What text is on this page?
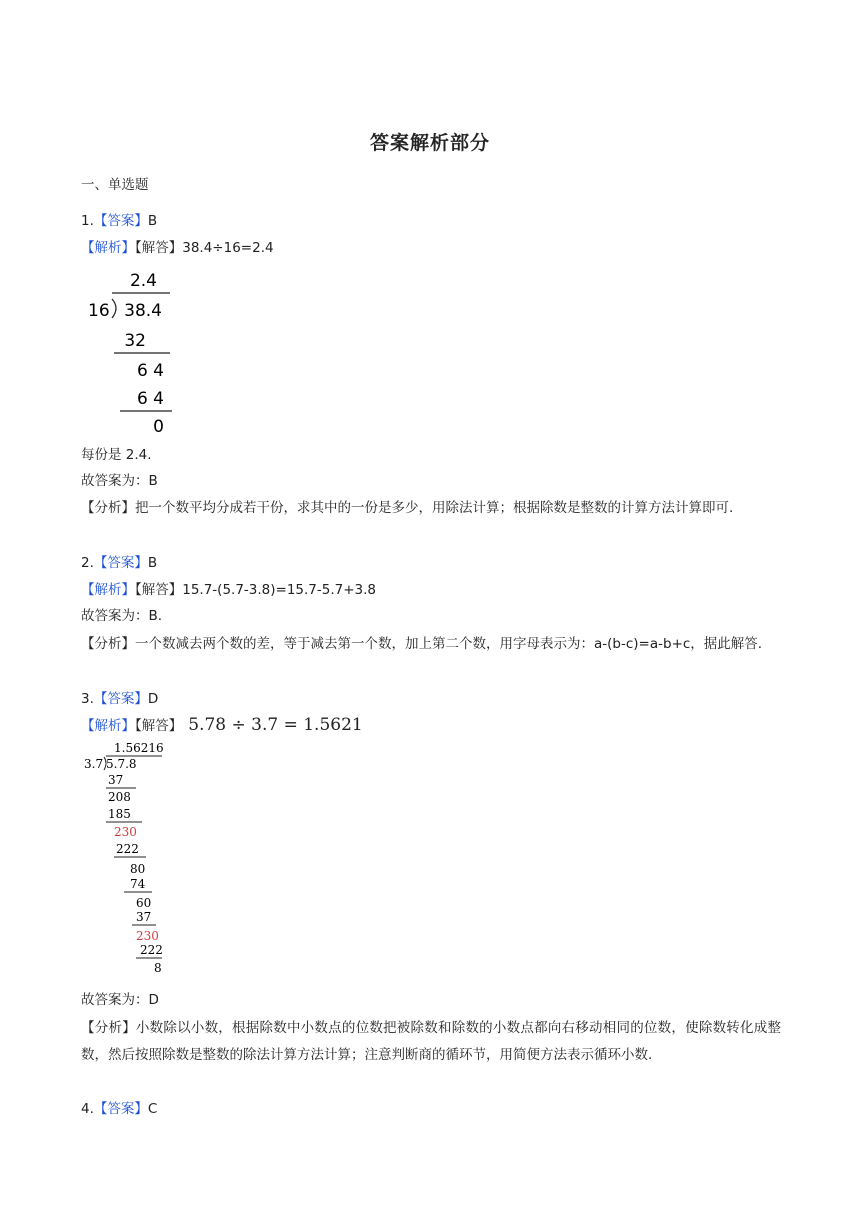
答案解析部分
一、单选题
1.【答案】B
【解析】【解答】38.4÷16=2.4
2.4
16 38.4
32
6 4
6 4
0
每份是 2.4.
故答案为：B
【分析】把一个数平均分成若干份，求其中的一份是多少，用除法计算；根据除数是整数的计算方法计算即可.
2.【答案】B
【解析】【解答】15.7-(5.7-3.8)=15.7-5.7+3.8
故答案为：B.
【分析】一个数减去两个数的差，等于减去第一个数，加上第二个数，用字母表示为：a-(b-c)=a-b+c，据此解答.
3.【答案】D
【解析】【解答】 5.78 ÷ 3.7 = 1.5621
1.56216
3.7 5.7.8
37
208
185
230
222
80
74
60
37
230
222
8
故答案为：D
【分析】小数除以小数，根据除数中小数点的位数把被除数和除数的小数点都向右移动相同的位数，使除数转化成整数，然后按照除数是整数的除法计算方法计算；注意判断商的循环节，用简便方法表示循环小数.
4.【答案】C
